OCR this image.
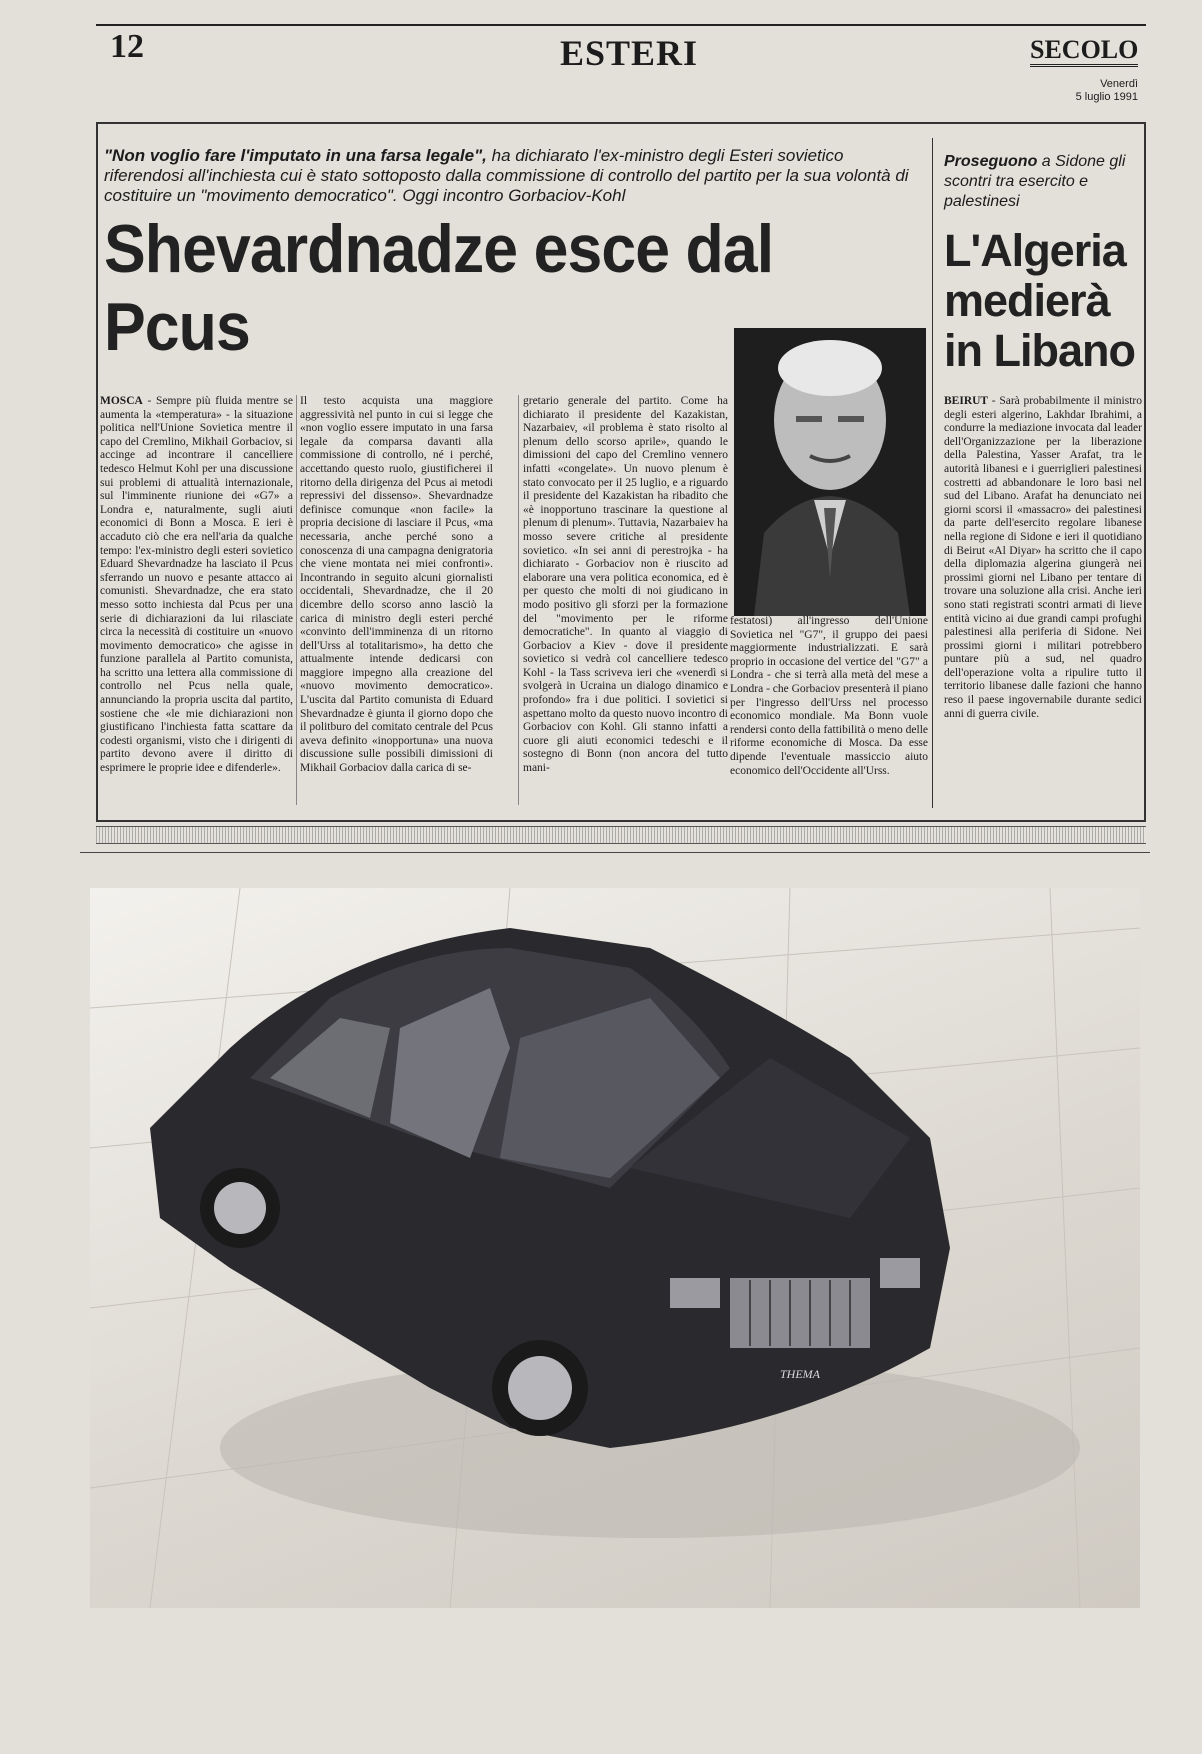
12	ESTERI	SECOLO
Venerdì
5 luglio 1991
"Non voglio fare l'imputato in una farsa legale", ha dichiarato l'ex-ministro degli Esteri sovietico riferendosi all'inchiesta cui è stato sottoposto dalla commissione di controllo del partito per la sua volontà di costituire un "movimento democratico". Oggi incontro Gorbaciov-Kohl
Shevardnadze esce dal Pcus
MOSCA - Sempre più fluida mentre se aumenta la «temperatura» - la situazione politica nell'Unione Sovietica mentre il capo del Cremlino, Mikhail Gorbaciov, si accinge ad incontrare il cancelliere tedesco Helmut Kohl per una discussione sui problemi di attualità internazionale, sul l'imminente riunione dei «G7» a Londra e, naturalmente, sugli aiuti economici di Bonn a Mosca. E ieri è accaduto ciò che era nell'aria da qualche tempo: l'ex-ministro degli esteri sovietico Eduard Shevardnadze ha lasciato il Pcus sferrando un nuovo e pesante attacco ai comunisti. Shevardnadze, che era stato messo sotto inchiesta dal Pcus per una serie di dichiarazioni da lui rilasciate circa la necessità di costituire un «nuovo movimento democratico» che agisse in funzione parallela al Partito comunista, ha scritto una lettera alla commissione di controllo nel Pcus nella quale, annunciando la propria uscita dal partito, sostiene che «le mie dichiarazioni non giustificano l'inchiesta fatta scattare da codesti organismi, visto che i dirigenti di partito devono avere il diritto di esprimere le proprie idee e difenderle».
Il testo acquista una maggiore aggressività nel punto in cui si legge che «non voglio essere imputato in una farsa legale da comparsa davanti alla commissione di controllo, né i perché, accettando questo ruolo, giustificherei il ritorno della dirigenza del Pcus ai metodi repressivi del dissenso». Shevardnadze definisce comunque «non facile» la propria decisione di lasciare il Pcus, «ma necessaria, anche perché sono a conoscenza di una campagna denigratoria che viene montata nei miei confronti». Incontrando in seguito alcuni giornalisti occidentali, Shevardnadze, che il 20 dicembre dello scorso anno lasciò la carica di ministro degli esteri perché «convinto dell'imminenza di un ritorno dell'Urss al totalitarismo», ha detto che attualmente intende dedicarsi con maggiore impegno alla creazione del «nuovo movimento democratico». L'uscita dal Partito comunista di Eduard Shevardnadze è giunta il giorno dopo che il politburo del comitato centrale del Pcus aveva definito «inopportuna» una nuova discussione sulle possibili dimissioni di Mikhail Gorbaciov dalla carica di se-
gretario generale del partito. Come ha dichiarato il presidente del Kazakistan, Nazarbaiev, «il problema è stato risolto al plenum dello scorso aprile», quando le dimissioni del capo del Cremlino vennero infatti «congelate». Un nuovo plenum è stato convocato per il 25 luglio, e a riguardo il presidente del Kazakistan ha ribadito che «è inopportuno trascinare la questione al plenum di plenum». Tuttavia, Nazarbaiev ha mosso severe critiche al presidente sovietico. «In sei anni di perestrojka - ha dichiarato - Gorbaciov non è riuscito ad elaborare una vera politica economica, ed è per questo che molti di noi giudicano in modo positivo gli sforzi per la formazione del "movimento per le riforme democratiche". In quanto al viaggio di Gorbaciov a Kiev - dove il presidente sovietico si vedrà col cancelliere tedesco Kohl - la Tass scriveva ieri che «venerdì si svolgerà in Ucraina un dialogo dinamico e profondo» fra i due politici. I sovietici si aspettano molto da questo nuovo incontro di Gorbaciov con Kohl. Gli stanno infatti a cuore gli aiuti economici tedeschi e il sostegno di Bonn (non ancora del tutto mani-
festatosi) all'ingresso dell'Unione Sovietica nel "G7", il gruppo dei paesi maggiormente industrializzati. E sarà proprio in occasione del vertice del "G7" a Londra - che si terrà alla metà del mese a Londra - che Gorbaciov presenterà il piano per l'ingresso dell'Urss nel processo economico mondiale. Ma Bonn vuole rendersi conto della fattibilità o meno delle riforme economiche di Mosca. Da esse dipende l'eventuale massiccio aiuto economico dell'Occidente all'Urss.
Proseguono a Sidone gli scontri tra esercito e palestinesi
L'Algeria medierà in Libano
BEIRUT - Sarà probabilmente il ministro degli esteri algerino, Lakhdar Ibrahimi, a condurre la mediazione invocata dal leader dell'Organizzazione per la liberazione della Palestina, Yasser Arafat, tra le autorità libanesi e i guerriglieri palestinesi costretti ad abbandonare le loro basi nel sud del Libano. Arafat ha denunciato nei giorni scorsi il «massacro» dei palestinesi da parte dell'esercito regolare libanese nella regione di Sidone e ieri il quotidiano di Beirut «Al Diyar» ha scritto che il capo della diplomazia algerina giungerà nei prossimi giorni nel Libano per tentare di trovare una soluzione alla crisi. Anche ieri sono stati registrati scontri armati di lieve entità vicino ai due grandi campi profughi palestinesi alla periferia di Sidone. Nei prossimi giorni i militari potrebbero puntare più a sud, nel quadro dell'operazione volta a ripulire tutto il territorio libanese dalle fazioni che hanno reso il paese ingovernabile durante sedici anni di guerra civile.
THEMA
